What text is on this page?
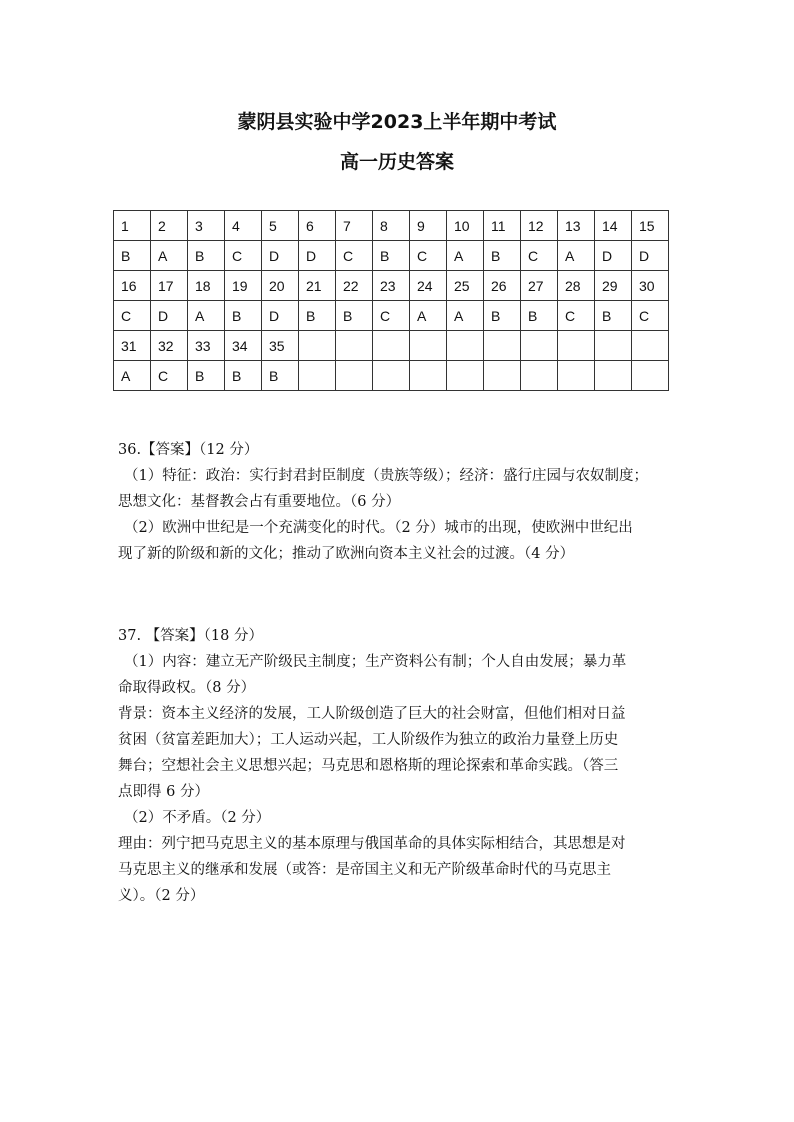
蒙阴县实验中学2023上半年期中考试
高一历史答案
1	2	3	4	5	6	7	8	9	10	11	12	13	14	15
B	A	B	C	D	D	C	B	C	A	B	C	A	D	D
16	17	18	19	20	21	22	23	24	25	26	27	28	29	30
C	D	A	B	D	B	B	C	A	A	B	B	C	B	C
31	32	33	34	35										
A	C	B	B	B										
36.【答案】（12 分）
（1）特征：政治：实行封君封臣制度（贵族等级）；经济：盛行庄园与农奴制度；
思想文化：基督教会占有重要地位。（6 分）
（2）欧洲中世纪是一个充满变化的时代。（2 分）城市的出现，使欧洲中世纪出
现了新的阶级和新的文化；推动了欧洲向资本主义社会的过渡。（4 分）
37. 【答案】（18 分）
（1）内容：建立无产阶级民主制度；生产资料公有制；个人自由发展；暴力革
命取得政权。（8 分）
背景：资本主义经济的发展，工人阶级创造了巨大的社会财富，但他们相对日益
贫困（贫富差距加大）；工人运动兴起，工人阶级作为独立的政治力量登上历史
舞台；空想社会主义思想兴起；马克思和恩格斯的理论探索和革命实践。（答三
点即得 6 分）
（2）不矛盾。（2 分）
理由：列宁把马克思主义的基本原理与俄国革命的具体实际相结合，其思想是对
马克思主义的继承和发展（或答：是帝国主义和无产阶级革命时代的马克思主
义）。（2 分）
